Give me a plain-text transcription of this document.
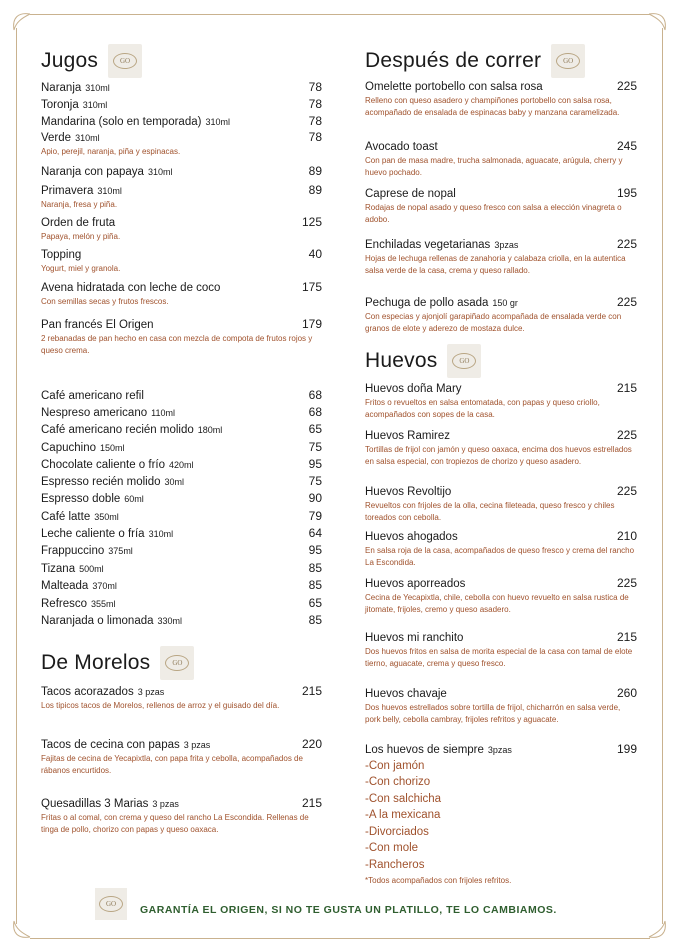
Jugos	GO
Naranja 310ml	78
Toronja 310ml	78
Mandarina (solo en temporada) 310ml	78
Verde 310ml	78
Apio, perejil, naranja, piña y espinacas.
Naranja con papaya 310ml	89
Primavera 310ml	89
Naranja, fresa y piña.
Orden de fruta	125
Papaya, melón y piña.
Topping	40
Yogurt, miel y granola.
Avena hidratada con leche de coco	175
Con semillas secas y frutos frescos.
Pan francés El Origen	179
2 rebanadas de pan hecho en casa con mezcla de compota de frutos rojos y queso crema.
Café americano refil	68
Nespreso americano 110ml	68
Café americano recién molido 180ml	65
Capuchino 150ml	75
Chocolate caliente o frío 420ml	95
Espresso recién molido 30ml	75
Espresso doble 60ml	90
Café latte 350ml	79
Leche caliente o fría 310ml	64
Frappuccino 375ml	95
Tizana 500ml	85
Malteada 370ml	85
Refresco 355ml	65
Naranjada o limonada 330ml	85
De Morelos	GO
Tacos acorazados 3 pzas	215
Los tipicos tacos de Morelos, rellenos de arroz y el guisado del día.
Tacos de cecina con papas 3 pzas	220
Fajitas de cecina de Yecapixtla, con papa frita y cebolla, acompañados de rábanos encurtidos.
Quesadillas 3 Marias 3 pzas	215
Fritas o al comal, con crema y queso del rancho La Escondida. Rellenas de tinga de pollo, chorizo con papas y queso oaxaca.
Después de correr	GO
Omelette portobello con salsa rosa	225
Relleno con queso asadero y champiñones portobello con salsa rosa, acompañado de ensalada de espinacas baby y manzana caramelizada.
Avocado toast	245
Con pan de masa madre, trucha salmonada, aguacate, arúgula, cherry y huevo pochado.
Caprese de nopal	195
Rodajas de nopal asado y queso fresco con salsa a elección vinagreta o adobo.
Enchiladas vegetarianas 3pzas	225
Hojas de lechuga rellenas de zanahoria y calabaza criolla, en la autentica salsa verde de la casa, crema y queso rallado.
Pechuga de pollo asada 150 gr	225
Con especias y ajonjolí garapiñado acompañada de ensalada verde con granos de elote y aderezo de mostaza dulce.
Huevos	GO
Huevos doña Mary	215
Fritos o revueltos en salsa entomatada, con papas y queso criollo, acompañados con sopes de la casa.
Huevos Ramirez	225
Tortillas de frijol con jamón y queso oaxaca, encima dos huevos estrellados en salsa especial, con tropiezos de chorizo y queso asadero.
Huevos Revoltijo	225
Revueltos con frijoles de la olla, cecina fileteada, queso fresco y chiles toreados con cebolla.
Huevos ahogados	210
En salsa roja de la casa, acompañados de queso fresco y crema del rancho La Escondida.
Huevos aporreados	225
Cecina de Yecapixtla, chile, cebolla con huevo revuelto en salsa rustica de jitomate, frijoles, cremo y queso asadero.
Huevos mi ranchito	215
Dos huevos fritos en salsa de morita especial de la casa con tamal de elote tierno, aguacate, crema y queso fresco.
Huevos chavaje	260
Dos huevos estrellados sobre tortilla de frijol, chicharrón en salsa verde, pork belly, cebolla cambray, frijoles refritos y aguacate.
Los huevos de siempre 3pzas	199
-Con jamón
-Con chorizo
-Con salchicha
-A la mexicana
-Divorciados
-Con mole
-Rancheros
*Todos acompañados con frijoles refritos.
GO	GARANTÍA EL ORIGEN, SI NO TE GUSTA UN PLATILLO, TE LO CAMBIAMOS.
